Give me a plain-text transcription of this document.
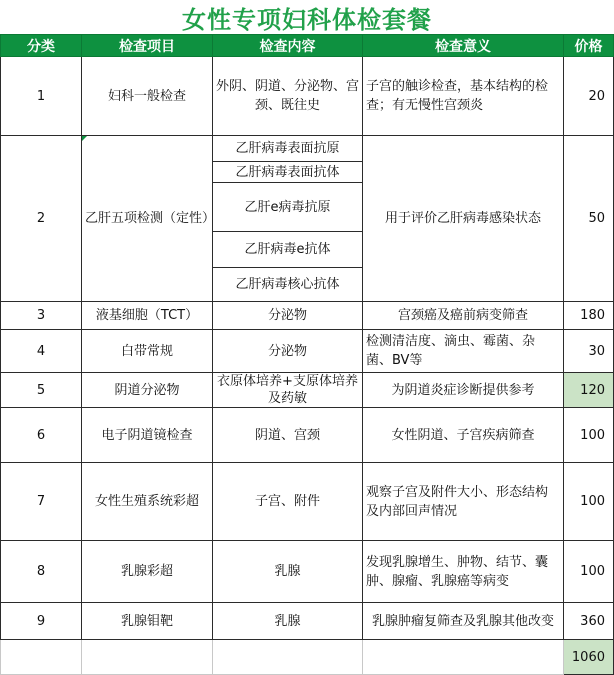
女性专项妇科体检套餐
分类	检查项目	检查内容	检查意义	价格
1	妇科一般检查	外阴、阴道、分泌物、宫颈、既往史	子宫的触诊检查，基本结构的检查；有无慢性宫颈炎	20
2	乙肝五项检测（定性）	乙肝病毒表面抗原
乙肝病毒表面抗体
乙肝e病毒抗原
乙肝病毒e抗体
乙肝病毒核心抗体	用于评价乙肝病毒感染状态	50
3	液基细胞（TCT）	分泌物	宫颈癌及癌前病变筛查	180
4	白带常规	分泌物	检测清洁度、滴虫、霉菌、杂菌、BV等	30
5	阴道分泌物	衣原体培养+支原体培养及药敏	为阴道炎症诊断提供参考	120
6	电子阴道镜检查	阴道、宫颈	女性阴道、子宫疾病筛查	100
7	女性生殖系统彩超	子宫、附件	观察子宫及附件大小、形态结构及内部回声情况	100
8	乳腺彩超	乳腺	发现乳腺增生、肿物、结节、囊肿、腺瘤、乳腺癌等病变	100
9	乳腺钼靶	乳腺	乳腺肿瘤复筛查及乳腺其他改变	360
				1060
